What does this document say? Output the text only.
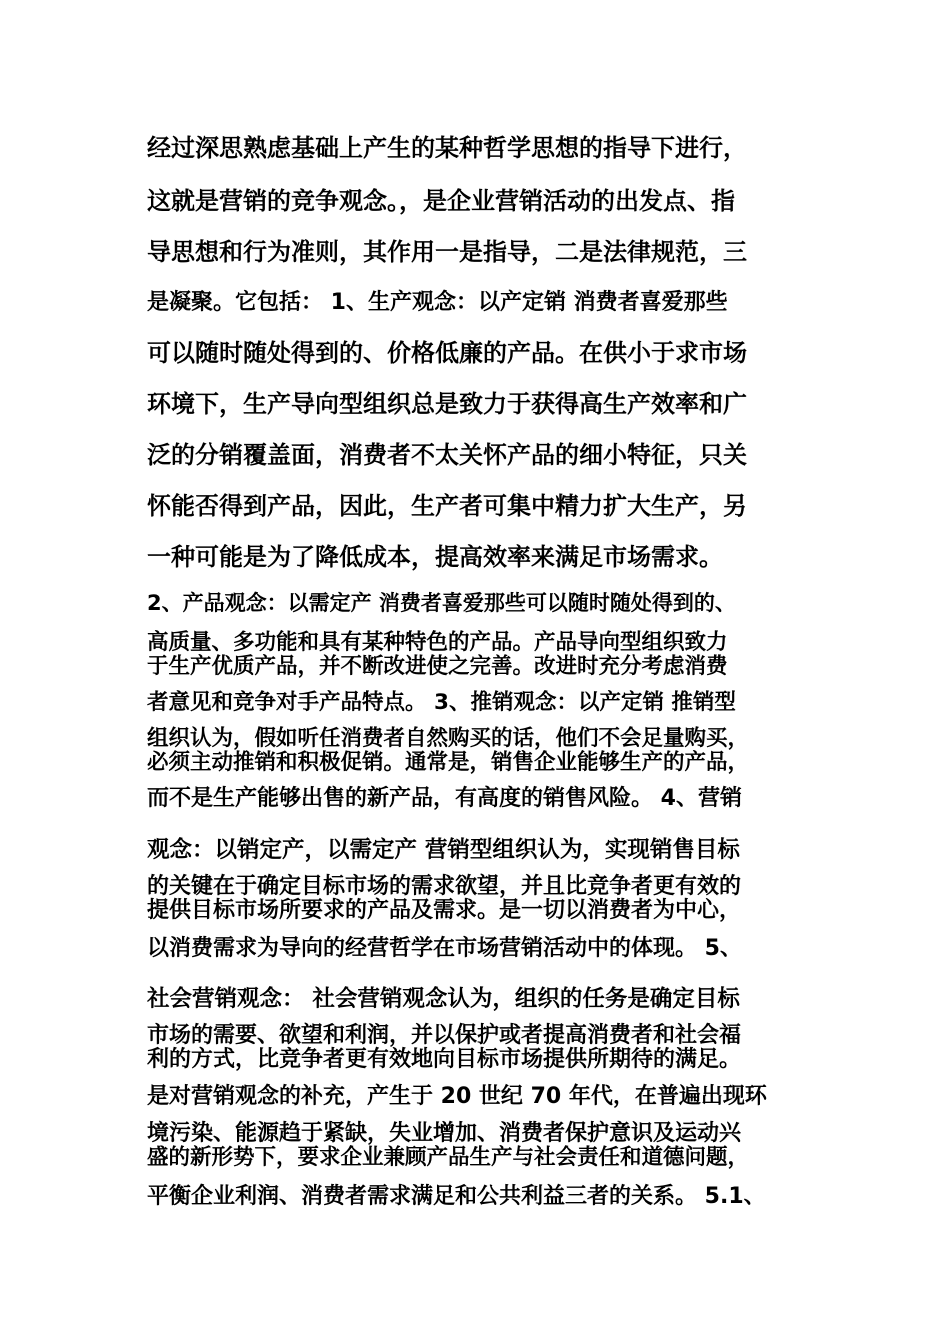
经过深思熟虑基础上产生的某种哲学思想的指导下进行，
这就是营销的竞争观念。，是企业营销活动的出发点、指
导思想和行为准则，其作用一是指导，二是法律规范，三
是凝聚。它包括： 1、生产观念：以产定销 消费者喜爱那些
可以随时随处得到的、价格低廉的产品。在供小于求市场
环境下，生产导向型组织总是致力于获得高生产效率和广
泛的分销覆盖面，消费者不太关怀产品的细小特征，只关
怀能否得到产品，因此，生产者可集中精力扩大生产，另
一种可能是为了降低成本，提高效率来满足市场需求。
2、产品观念：以需定产 消费者喜爱那些可以随时随处得到的、
高质量、多功能和具有某种特色的产品。产品导向型组织致力
于生产优质产品，并不断改进使之完善。改进时充分考虑消费
者意见和竞争对手产品特点。 3、推销观念：以产定销 推销型
组织认为，假如听任消费者自然购买的话，他们不会足量购买，
必须主动推销和积极促销。通常是，销售企业能够生产的产品，
而不是生产能够出售的新产品，有高度的销售风险。 4、营销
观念：以销定产，以需定产 营销型组织认为，实现销售目标
的关键在于确定目标市场的需求欲望，并且比竞争者更有效的
提供目标市场所要求的产品及需求。是一切以消费者为中心，
以消费需求为导向的经营哲学在市场营销活动中的体现。 5、
社会营销观念： 社会营销观念认为，组织的任务是确定目标
市场的需要、欲望和利润，并以保护或者提高消费者和社会福
利的方式，比竞争者更有效地向目标市场提供所期待的满足。
是对营销观念的补充，产生于 20 世纪 70 年代，在普遍出现环
境污染、能源趋于紧缺，失业增加、消费者保护意识及运动兴
盛的新形势下，要求企业兼顾产品生产与社会责任和道德问题，
平衡企业利润、消费者需求满足和公共利益三者的关系。 5.1、
